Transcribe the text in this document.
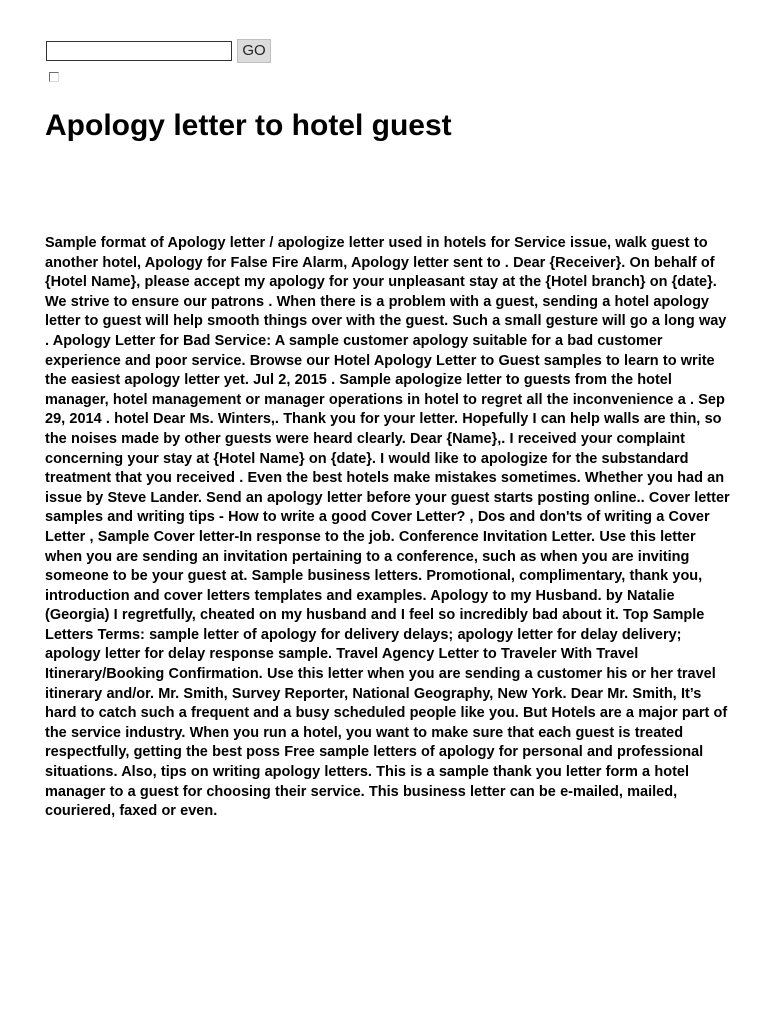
GO
Apology letter to hotel guest

Sample format of Apology letter / apologize letter used in hotels for Service issue, walk guest to another hotel, Apology for False Fire Alarm, Apology letter sent to . Dear {Receiver}. On behalf of {Hotel Name}, please accept my apology for your unpleasant stay at the {Hotel branch} on {date}. We strive to ensure our patrons . When there is a problem with a guest, sending a hotel apology letter to guest will help smooth things over with the guest. Such a small gesture will go a long way . Apology Letter for Bad Service: A sample customer apology suitable for a bad customer experience and poor service. Browse our Hotel Apology Letter to Guest samples to learn to write the easiest apology letter yet. Jul 2, 2015 . Sample apologize letter to guests from the hotel manager, hotel management or manager operations in hotel to regret all the inconvenience a . Sep 29, 2014 . hotel Dear Ms. Winters,. Thank you for your letter. Hopefully I can help walls are thin, so the noises made by other guests were heard clearly. Dear {Name},. I received your complaint concerning your stay at {Hotel Name} on {date}. I would like to apologize for the substandard treatment that you received . Even the best hotels make mistakes sometimes. Whether you had an issue by Steve Lander. Send an apology letter before your guest starts posting online.. Cover letter samples and writing tips - How to write a good Cover Letter? , Dos and don'ts of writing a Cover Letter , Sample Cover letter-In response to the job. Conference Invitation Letter. Use this letter when you are sending an invitation pertaining to a conference, such as when you are inviting someone to be your guest at. Sample business letters. Promotional, complimentary, thank you, introduction and cover letters templates and examples. Apology to my Husband. by Natalie (Georgia) I regretfully, cheated on my husband and I feel so incredibly bad about it. Top Sample Letters Terms: sample letter of apology for delivery delays; apology letter for delay delivery; apology letter for delay response sample. Travel Agency Letter to Traveler With Travel Itinerary/Booking Confirmation. Use this letter when you are sending a customer his or her travel itinerary and/or. Mr. Smith, Survey Reporter, National Geography, New York. Dear Mr. Smith, It’s hard to catch such a frequent and a busy scheduled people like you. But Hotels are a major part of the service industry. When you run a hotel, you want to make sure that each guest is treated respectfully, getting the best poss Free sample letters of apology for personal and professional situations. Also, tips on writing apology letters. This is a sample thank you letter form a hotel manager to a guest for choosing their service. This business letter can be e-mailed, mailed, couriered, faxed or even.
